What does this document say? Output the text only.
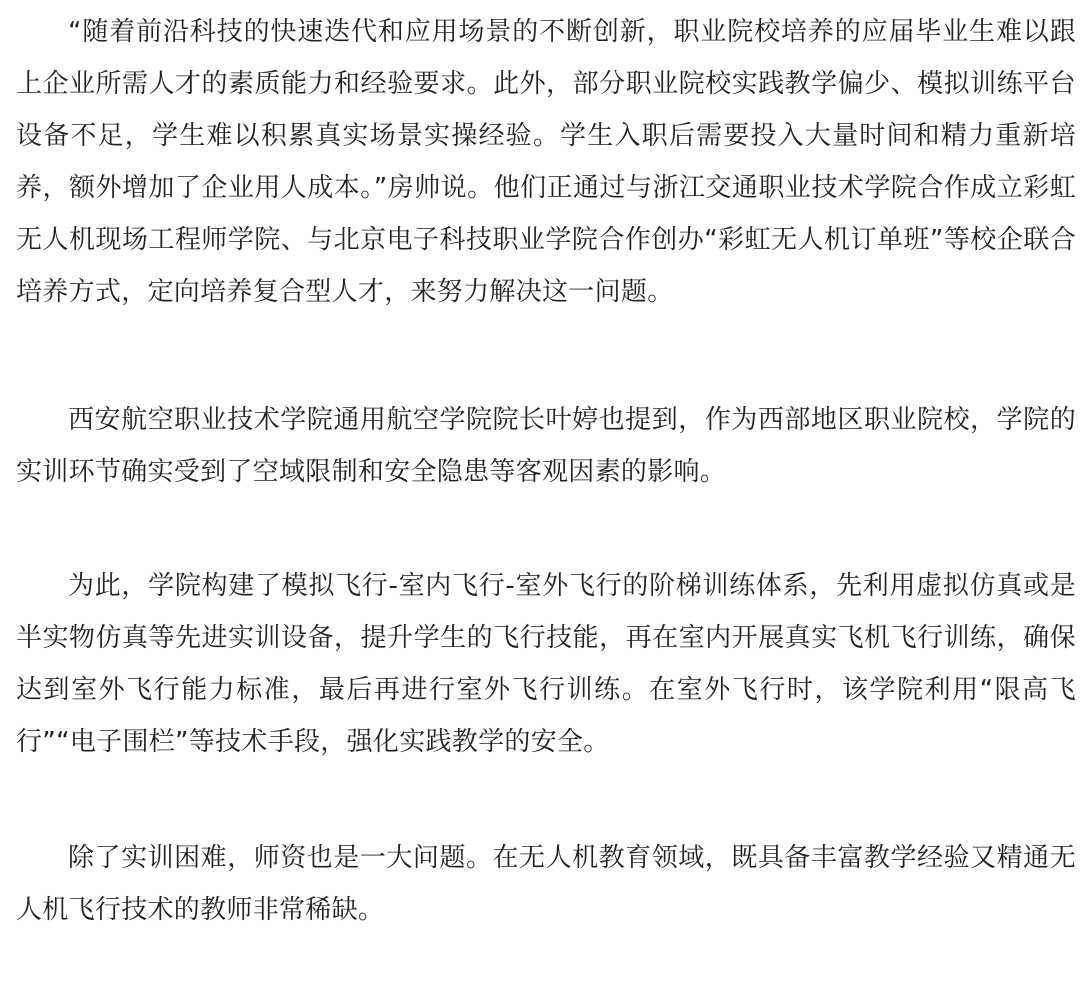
“随着前沿科技的快速迭代和应用场景的不断创新，职业院校培养的应届毕业生难以跟上企业所需人才的素质能力和经验要求。此外，部分职业院校实践教学偏少、模拟训练平台设备不足，学生难以积累真实场景实操经验。学生入职后需要投入大量时间和精力重新培养，额外增加了企业用人成本。”房帅说。他们正通过与浙江交通职业技术学院合作成立彩虹无人机现场工程师学院、与北京电子科技职业学院合作创办“彩虹无人机订单班”等校企联合培养方式，定向培养复合型人才，来努力解决这一问题。

西安航空职业技术学院通用航空学院院长叶婷也提到，作为西部地区职业院校，学院的实训环节确实受到了空域限制和安全隐患等客观因素的影响。

为此，学院构建了模拟飞行-室内飞行-室外飞行的阶梯训练体系，先利用虚拟仿真或是半实物仿真等先进实训设备，提升学生的飞行技能，再在室内开展真实飞机飞行训练，确保达到室外飞行能力标准，最后再进行室外飞行训练。在室外飞行时，该学院利用“限高飞行”“电子围栏”等技术手段，强化实践教学的安全。

除了实训困难，师资也是一大问题。在无人机教育领域，既具备丰富教学经验又精通无人机飞行技术的教师非常稀缺。
